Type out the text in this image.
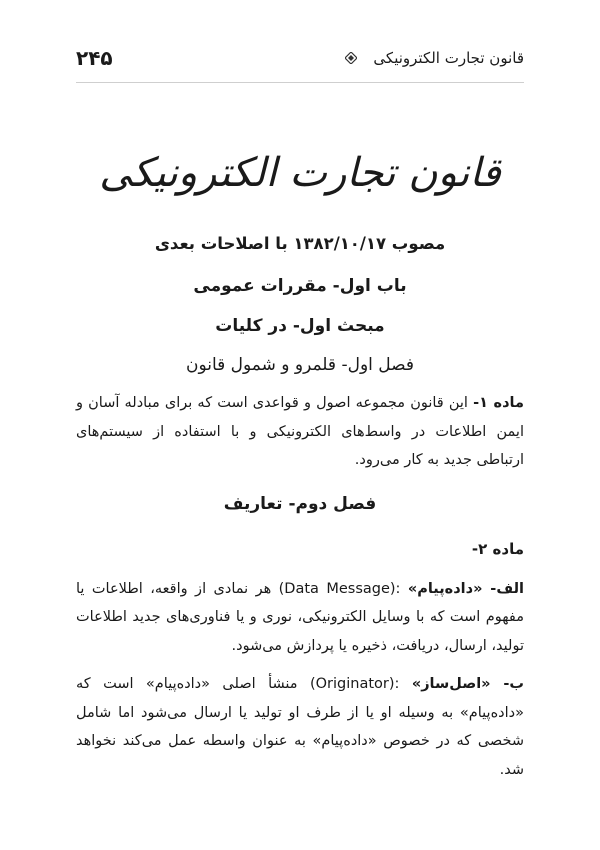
قانون تجارت الکترونیکی
۲۴۵
قانون تجارت الکترونیکی
مصوب ۱۳۸۲/۱۰/۱۷ با اصلاحات بعدی
باب اول- مقررات عمومی
مبحث اول- در کلیات
فصل اول- قلمرو و شمول قانون

ماده ۱- این قانون مجموعه اصول و قواعدی است که برای مبادله آسان و ایمن اطلاعات در واسط‌های الکترونیکی و با استفاده از سیستم‌های ارتباطی جدید به کار می‌رود.

فصل دوم- تعاریف
ماده ۲-

الف- «داده‌پیام» (Data Message): هر نمادی از واقعه، اطلاعات یا مفهوم است که با وسایل الکترونیکی، نوری و یا فناوری‌های جدید اطلاعات تولید، ارسال، دریافت، ذخیره یا پردازش می‌شود.

ب- «اصل‌ساز» (Originator): منشأ اصلی «داده‌پیام» است که «داده‌پیام» به وسیله او یا از طرف او تولید یا ارسال می‌شود اما شامل شخصی که در خصوص «داده‌پیام» به عنوان واسطه عمل می‌کند نخواهد شد.
